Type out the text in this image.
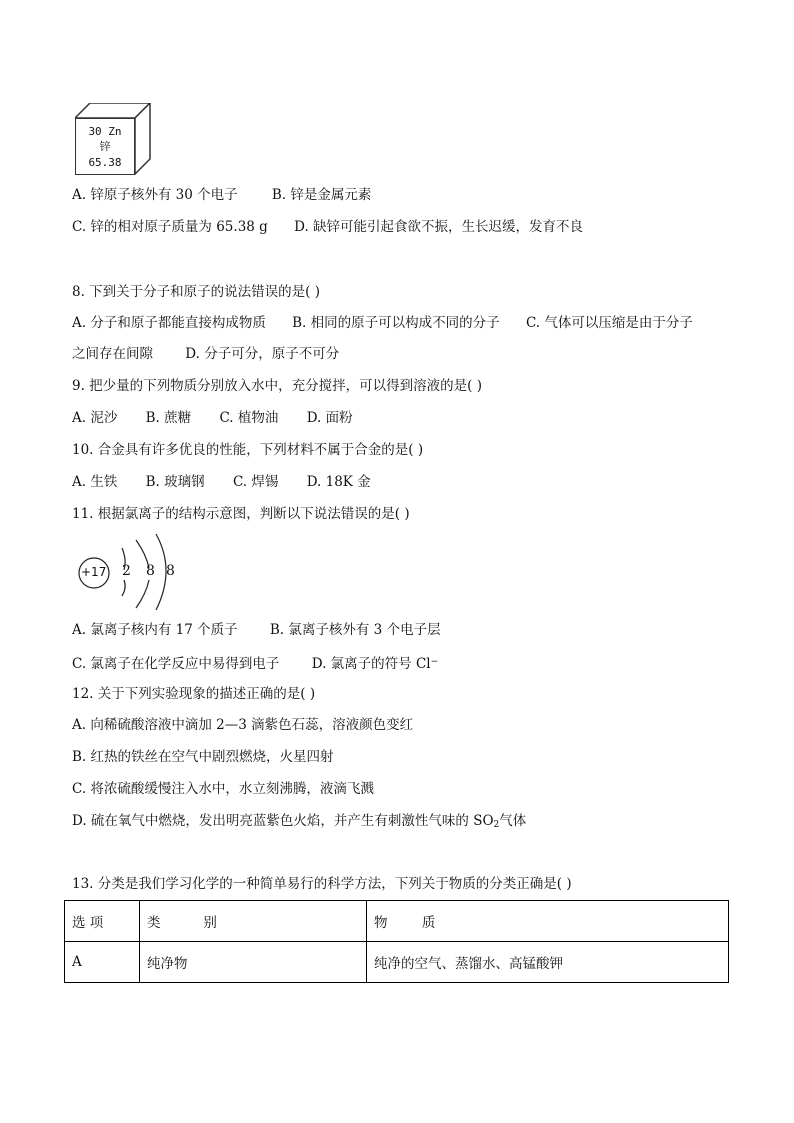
30 Zn
锌
65.38
A. 锌原子核外有 30 个电子	B. 锌是金属元素
C. 锌的相对原子质量为 65.38 g D. 缺锌可能引起食欲不振，生长迟缓，发育不良
8. 下到关于分子和原子的说法错误的是( )
A. 分子和原子都能直接构成物质 B. 相同的原子可以构成不同的分子 C. 气体可以压缩是由于分子
之间存在间隙 D. 分子可分，原子不可分
9. 把少量的下列物质分别放入水中，充分搅拌，可以得到溶液的是( )
A. 泥沙 B. 蔗糖 C. 植物油 D. 面粉
10. 合金具有许多优良的性能，下列材料不属于合金的是( )
A. 生铁 B. 玻璃钢 C. 焊锡 D. 18K 金
11. 根据氯离子的结构示意图，判断以下说法错误的是( )
+17 2 8 8
A. 氯离子核内有 17 个质子 B. 氯离子核外有 3 个电子层
C. 氯离子在化学反应中易得到电子 D. 氯离子的符号 Cl−
12. 关于下列实验现象的描述正确的是( )
A. 向稀硫酸溶液中滴加 2—3 滴紫色石蕊，溶液颜色变红
B. 红热的铁丝在空气中剧烈燃烧，火星四射
C. 将浓硫酸缓慢注入水中，水立刻沸腾，液滴飞溅
D. 硫在氧气中燃烧，发出明亮蓝紫色火焰，并产生有刺激性气味的 $SO_2$气体
13. 分类是我们学习化学的一种简单易行的科学方法，下列关于物质的分类正确是( )
选 项	类          别	物        质
A	纯净物	纯净的空气、蒸馏水、高锰酸钾
